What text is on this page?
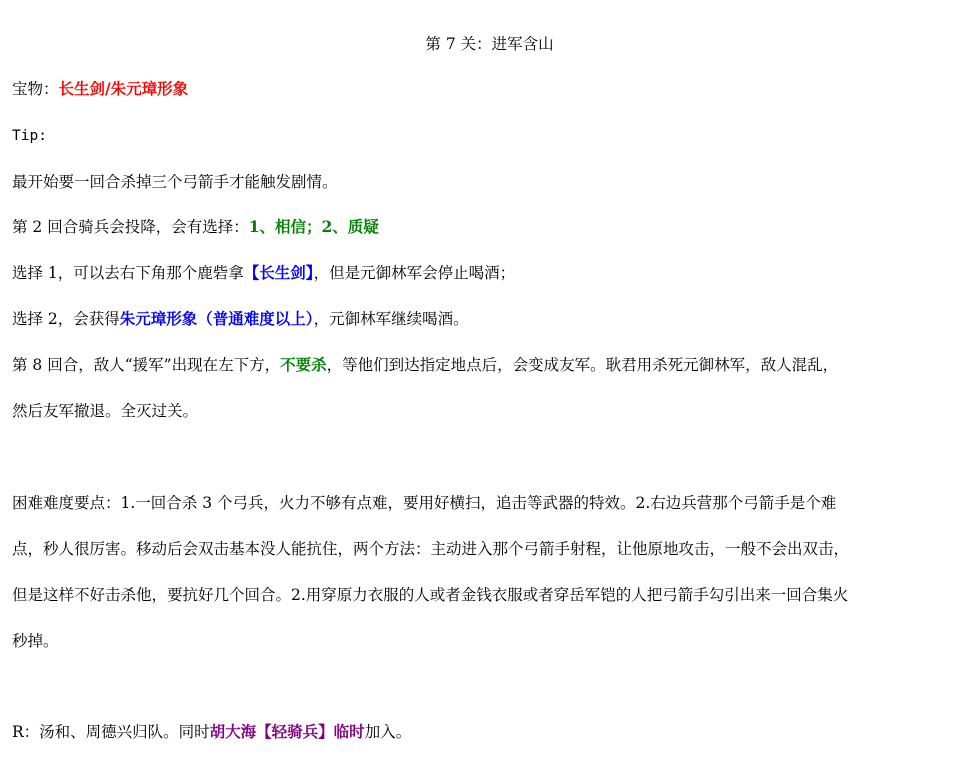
第 7 关：进军含山
宝物：长生剑/朱元璋形象
Tip:
最开始要一回合杀掉三个弓箭手才能触发剧情。
第 2 回合骑兵会投降，会有选择：1、相信；2、质疑
选择 1，可以去右下角那个鹿砦拿【长生剑】，但是元御林军会停止喝酒；
选择 2，会获得朱元璋形象（普通难度以上），元御林军继续喝酒。
第 8 回合，敌人“援军”出现在左下方，不要杀，等他们到达指定地点后，会变成友军。耿君用杀死元御林军，敌人混乱，
然后友军撤退。全灭过关。
困难难度要点：1.一回合杀 3 个弓兵，火力不够有点难，要用好横扫，追击等武器的特效。2.右边兵营那个弓箭手是个难
点，秒人很厉害。移动后会双击基本没人能抗住，两个方法：主动进入那个弓箭手射程，让他原地攻击，一般不会出双击，
但是这样不好击杀他，要抗好几个回合。2.用穿原力衣服的人或者金钱衣服或者穿岳军铠的人把弓箭手勾引出来一回合集火
秒掉。
R：汤和、周德兴归队。同时胡大海【轻骑兵】临时加入。
